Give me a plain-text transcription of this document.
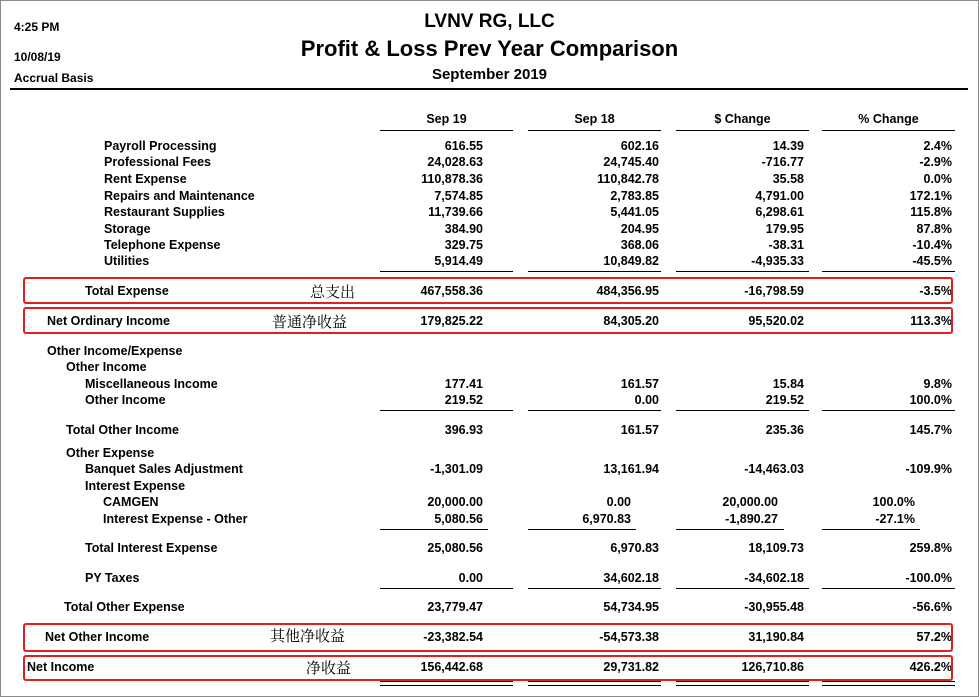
4:25 PM
10/08/19
Accrual Basis
LVNV RG, LLC
Profit & Loss Prev Year Comparison
September 2019
Sep 19	Sep 18	$ Change	% Change
Payroll Processing	616.55	602.16	14.39	2.4%
Professional Fees	24,028.63	24,745.40	-716.77	-2.9%
Rent Expense	110,878.36	110,842.78	35.58	0.0%
Repairs and Maintenance	7,574.85	2,783.85	4,791.00	172.1%
Restaurant Supplies	11,739.66	5,441.05	6,298.61	115.8%
Storage	384.90	204.95	179.95	87.8%
Telephone Expense	329.75	368.06	-38.31	-10.4%
Utilities	5,914.49	10,849.82	-4,935.33	-45.5%
Total Expense	467,558.36	484,356.95	-16,798.59	-3.5%
Net Ordinary Income	179,825.22	84,305.20	95,520.02	113.3%
Other Income/Expense
Other Income
Miscellaneous Income	177.41	161.57	15.84	9.8%
Other Income	219.52	0.00	219.52	100.0%
Total Other Income	396.93	161.57	235.36	145.7%
Other Expense
Banquet Sales Adjustment	-1,301.09	13,161.94	-14,463.03	-109.9%
Interest Expense
CAMGEN	20,000.00	0.00	20,000.00	100.0%
Interest Expense - Other	5,080.56	6,970.83	-1,890.27	-27.1%
Total Interest Expense	25,080.56	6,970.83	18,109.73	259.8%
PY Taxes	0.00	34,602.18	-34,602.18	-100.0%
Total Other Expense	23,779.47	54,734.95	-30,955.48	-56.6%
Net Other Income	-23,382.54	-54,573.38	31,190.84	57.2%
Net Income	156,442.68	29,731.82	126,710.86	426.2%
总支出
普通净收益
其他净收益
净收益
